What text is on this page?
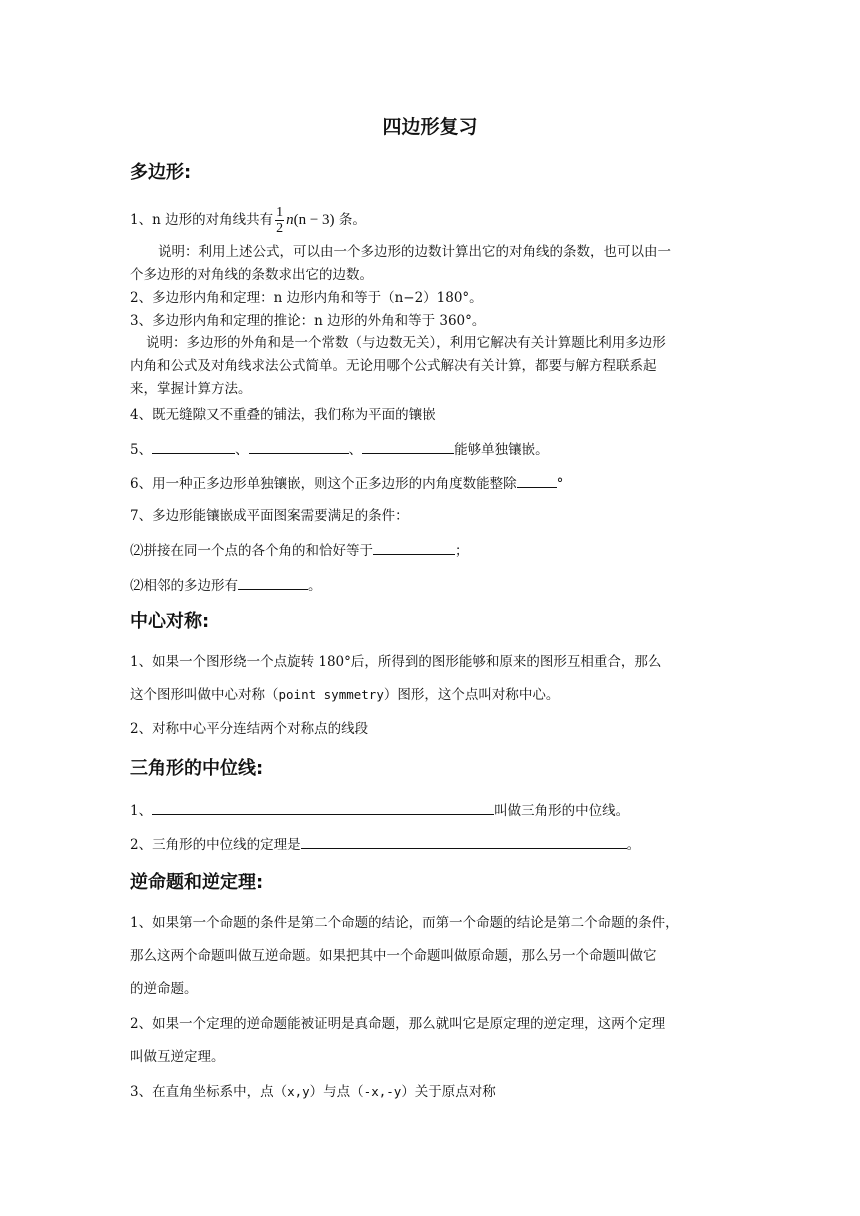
四边形复习
多边形:
1、n 边形的对角线共有 $\frac{1}{2} n(n - 3)$ 条。
说明：利用上述公式，可以由一个多边形的边数计算出它的对角线的条数，也可以由一
个多边形的对角线的条数求出它的边数。
2、多边形内角和定理：n 边形内角和等于（n−2）180°。
3、多边形内角和定理的推论：n 边形的外角和等于 360°。
说明：多边形的外角和是一个常数（与边数无关），利用它解决有关计算题比利用多边形
内角和公式及对角线求法公式简单。无论用哪个公式解决有关计算，都要与解方程联系起
来，掌握计算方法。
4、既无缝隙又不重叠的铺法，我们称为平面的镶嵌
5、	、	、	能够单独镶嵌。
6、用一种正多边形单独镶嵌，则这个正多边形的内角度数能整除	°
7、多边形能镶嵌成平面图案需要满足的条件：
⑵拼接在同一个点的各个角的和恰好等于	；
⑵相邻的多边形有	。
中心对称:
1、如果一个图形绕一个点旋转 180°后，所得到的图形能够和原来的图形互相重合，那么
这个图形叫做中心对称（point symmetry）图形，这个点叫对称中心。
2、对称中心平分连结两个对称点的线段
三角形的中位线:
1、	叫做三角形的中位线。
2、三角形的中位线的定理是	。
逆命题和逆定理:
1、如果第一个命题的条件是第二个命题的结论，而第一个命题的结论是第二个命题的条件，
那么这两个命题叫做互逆命题。如果把其中一个命题叫做原命题，那么另一个命题叫做它
的逆命题。
2、如果一个定理的逆命题能被证明是真命题，那么就叫它是原定理的逆定理，这两个定理
叫做互逆定理。
3、在直角坐标系中，点（x,y）与点（-x,-y）关于原点对称
